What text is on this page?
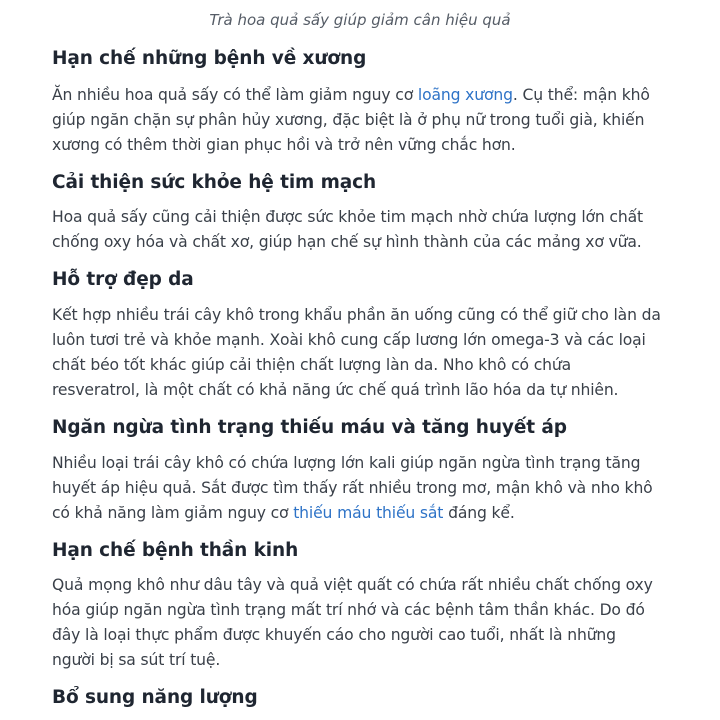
Trà hoa quả sấy giúp giảm cân hiệu quả
Hạn chế những bệnh về xương

Ăn nhiều hoa quả sấy có thể làm giảm nguy cơ loãng xương. Cụ thể: mận khô
giúp ngăn chặn sự phân hủy xương, đặc biệt là ở phụ nữ trong tuổi già, khiến
xương có thêm thời gian phục hồi và trở nên vững chắc hơn.

Cải thiện sức khỏe hệ tim mạch

Hoa quả sấy cũng cải thiện được sức khỏe tim mạch nhờ chứa lượng lớn chất
chống oxy hóa và chất xơ, giúp hạn chế sự hình thành của các mảng xơ vữa.

Hỗ trợ đẹp da

Kết hợp nhiều trái cây khô trong khẩu phần ăn uống cũng có thể giữ cho làn da
luôn tươi trẻ và khỏe mạnh. Xoài khô cung cấp lương lớn omega-3 và các loại
chất béo tốt khác giúp cải thiện chất lượng làn da. Nho khô có chứa
resveratrol, là một chất có khả năng ức chế quá trình lão hóa da tự nhiên.

Ngăn ngừa tình trạng thiếu máu và tăng huyết áp

Nhiều loại trái cây khô có chứa lượng lớn kali giúp ngăn ngừa tình trạng tăng
huyết áp hiệu quả. Sắt được tìm thấy rất nhiều trong mơ, mận khô và nho khô
có khả năng làm giảm nguy cơ thiếu máu thiếu sắt đáng kể.

Hạn chế bệnh thần kinh

Quả mọng khô như dâu tây và quả việt quất có chứa rất nhiều chất chống oxy
hóa giúp ngăn ngừa tình trạng mất trí nhớ và các bệnh tâm thần khác. Do đó
đây là loại thực phẩm được khuyến cáo cho người cao tuổi, nhất là những
người bị sa sút trí tuệ.

Bổ sung năng lượng
